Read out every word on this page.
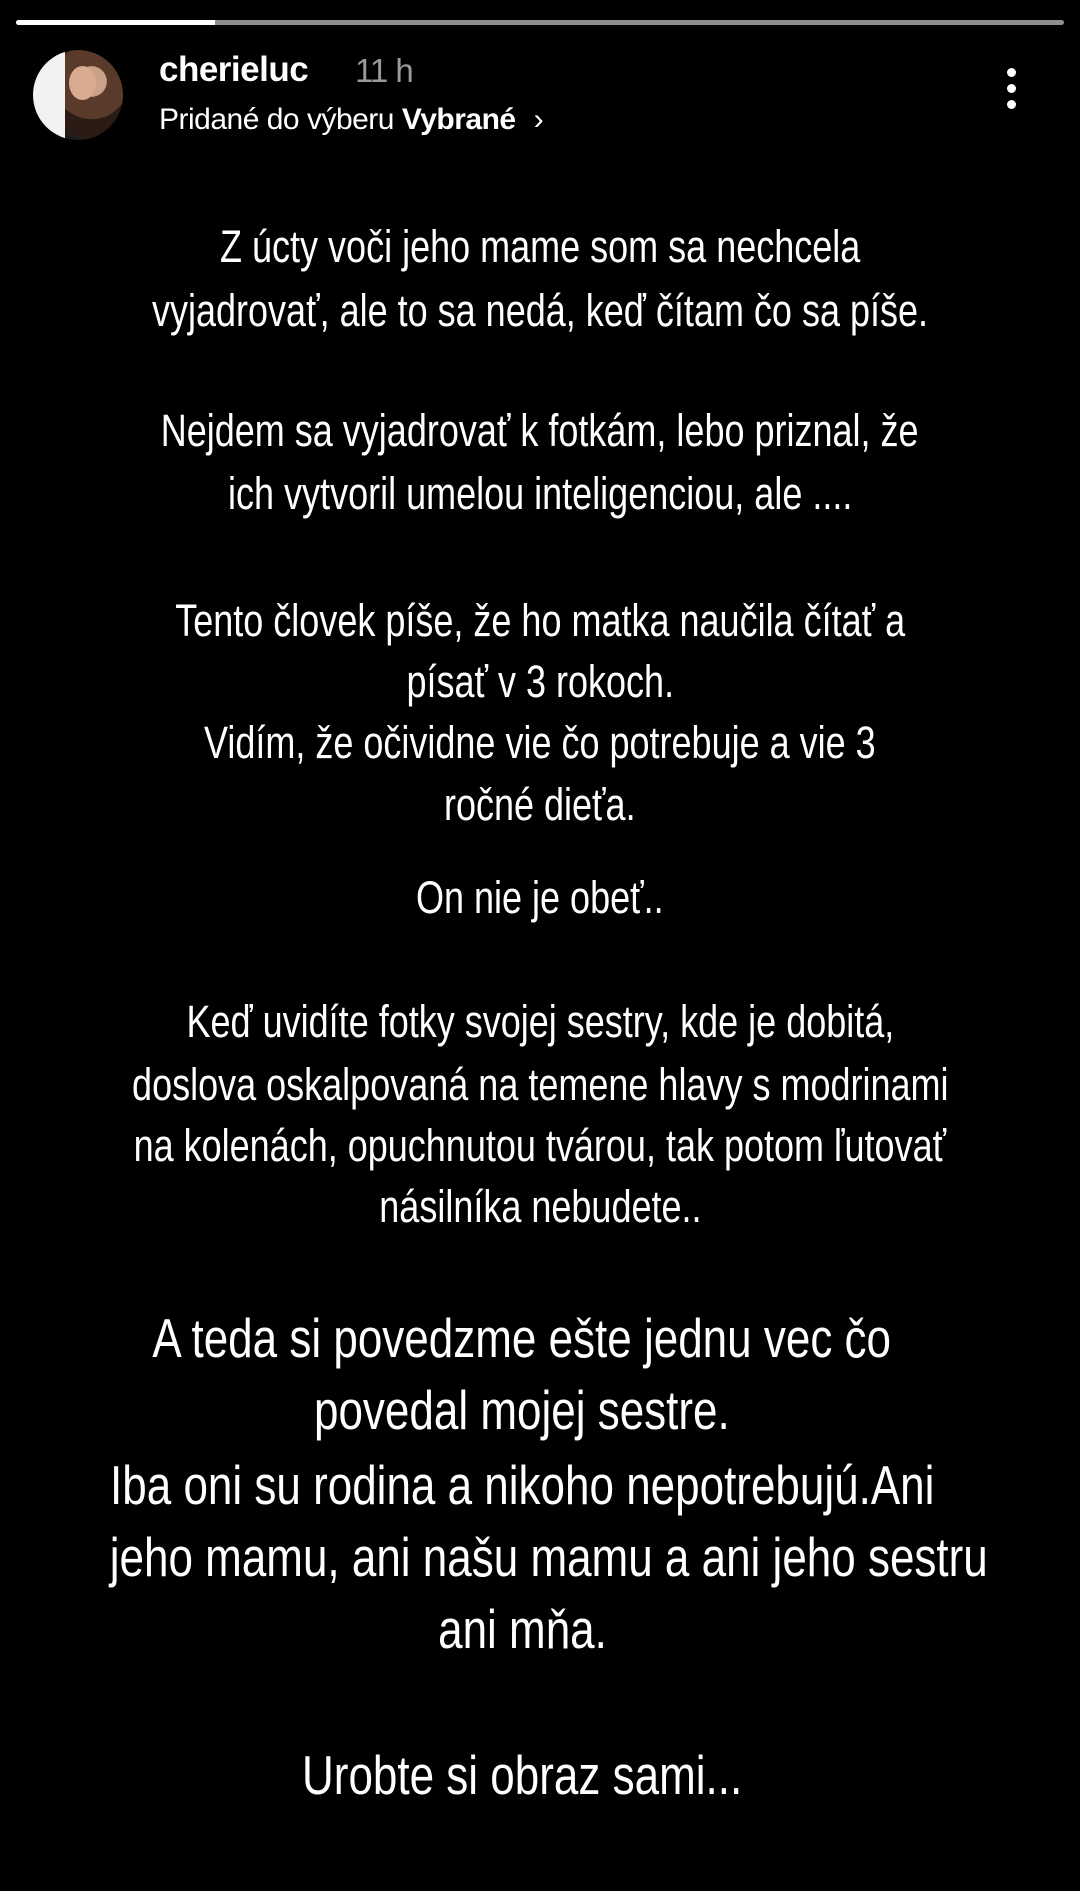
cherieluc 11 h
Pridané do výberu Vybrané ›
Z úcty voči jeho mame som sa nechcela
vyjadrovať, ale to sa nedá, keď čítam čo sa píše.
Nejdem sa vyjadrovať k fotkám, lebo priznal, že
ich vytvoril umelou inteligenciou, ale ....
Tento človek píše, že ho matka naučila čítať a
písať v 3 rokoch.
Vidím, že očividne vie čo potrebuje a vie 3
ročné dieťa.
On nie je obeť..
Keď uvidíte fotky svojej sestry, kde je dobitá,
doslova oskalpovaná na temene hlavy s modrinami
na kolenách, opuchnutou tvárou, tak potom ľutovať
násilníka nebudete..
A teda si povedzme ešte jednu vec čo
povedal mojej sestre.
Iba oni su rodina a nikoho nepotrebujú.Ani
jeho mamu, ani našu mamu a ani jeho sestru
ani mňa.
Urobte si obraz sami...
